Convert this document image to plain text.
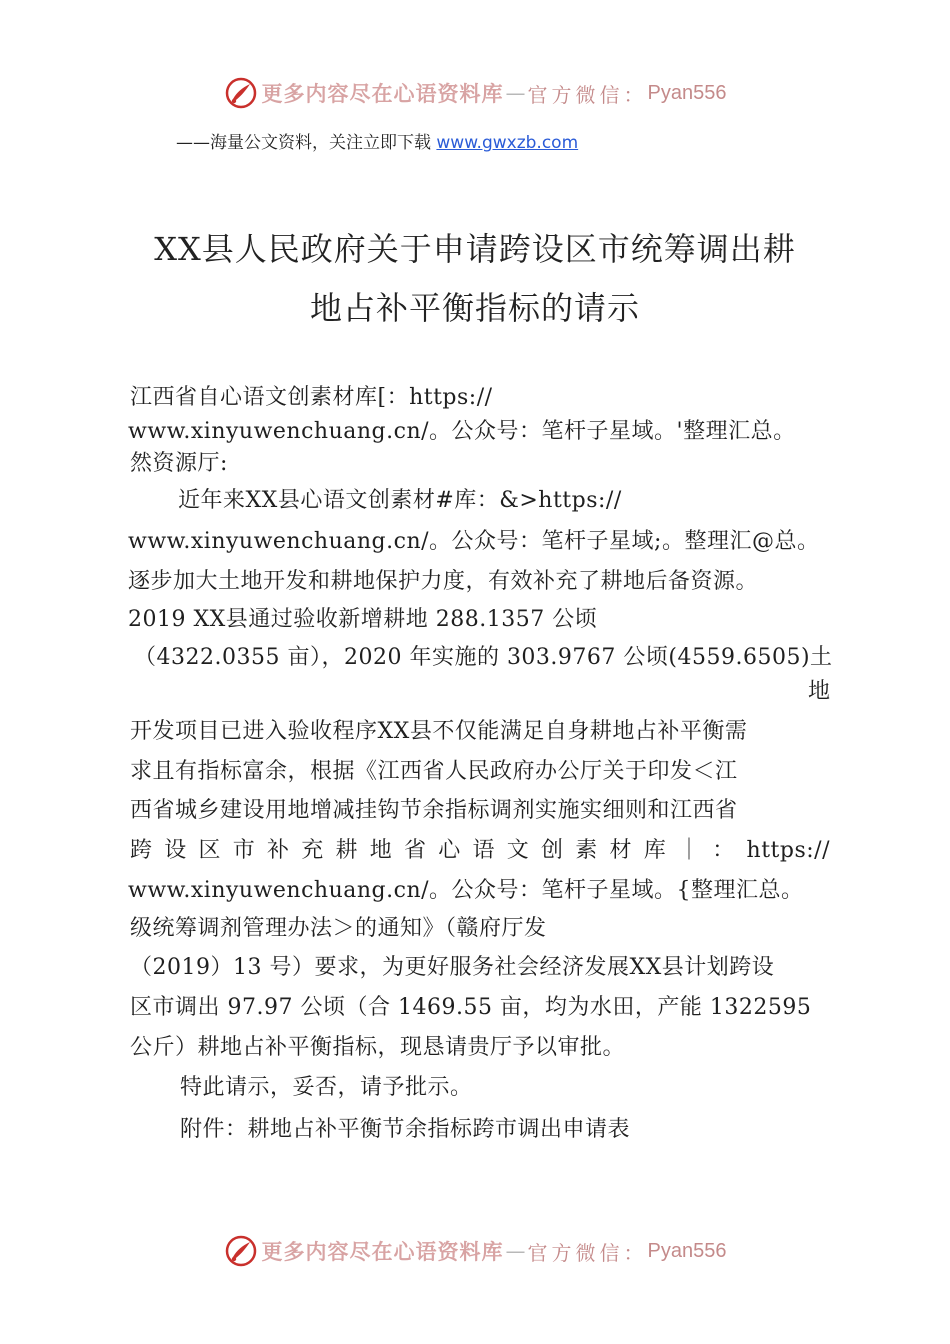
更多内容尽在心语资料库 — 官方微信： Pyan556
——海量公文资料，关注立即下载 www.gwxzb.com
XX县人民政府关于申请跨设区市统筹调出耕
地占补平衡指标的请示
江西省自心语文创素材库[：https://
www.xinyuwenchuang.cn/。公众号：笔杆子星域。'整理汇总。
然资源厅:
近年来XX县心语文创素材#库：&>https://
www.xinyuwenchuang.cn/。公众号：笔杆子星域;。整理汇@总。
逐步加大土地开发和耕地保护力度，有效补充了耕地后备资源。
2019 XX县通过验收新增耕地 288.1357 公顷
（4322.0355 亩），2020 年实施的 303.9767 公顷(4559.6505)土
地
开发项目已进入验收程序XX县不仅能满足自身耕地占补平衡需
求且有指标富余，根据《江西省人民政府办公厅关于印发＜江
西省城乡建设用地增减挂钩节余指标调剂实施实细则和江西省
跨设区市补充耕地省心语文创素材库｜：https://
www.xinyuwenchuang.cn/。公众号：笔杆子星域。{整理汇总。
级统筹调剂管理办法＞的通知》（赣府厅发
（2019）13 号）要求，为更好服务社会经济发展XX县计划跨设
区市调出 97.97 公顷（合 1469.55 亩，均为水田，产能 1322595
公斤）耕地占补平衡指标，现恳请贵厅予以审批。
特此请示，妥否，请予批示。
附件：耕地占补平衡节余指标跨市调出申请表
更多内容尽在心语资料库 — 官方微信： Pyan556
